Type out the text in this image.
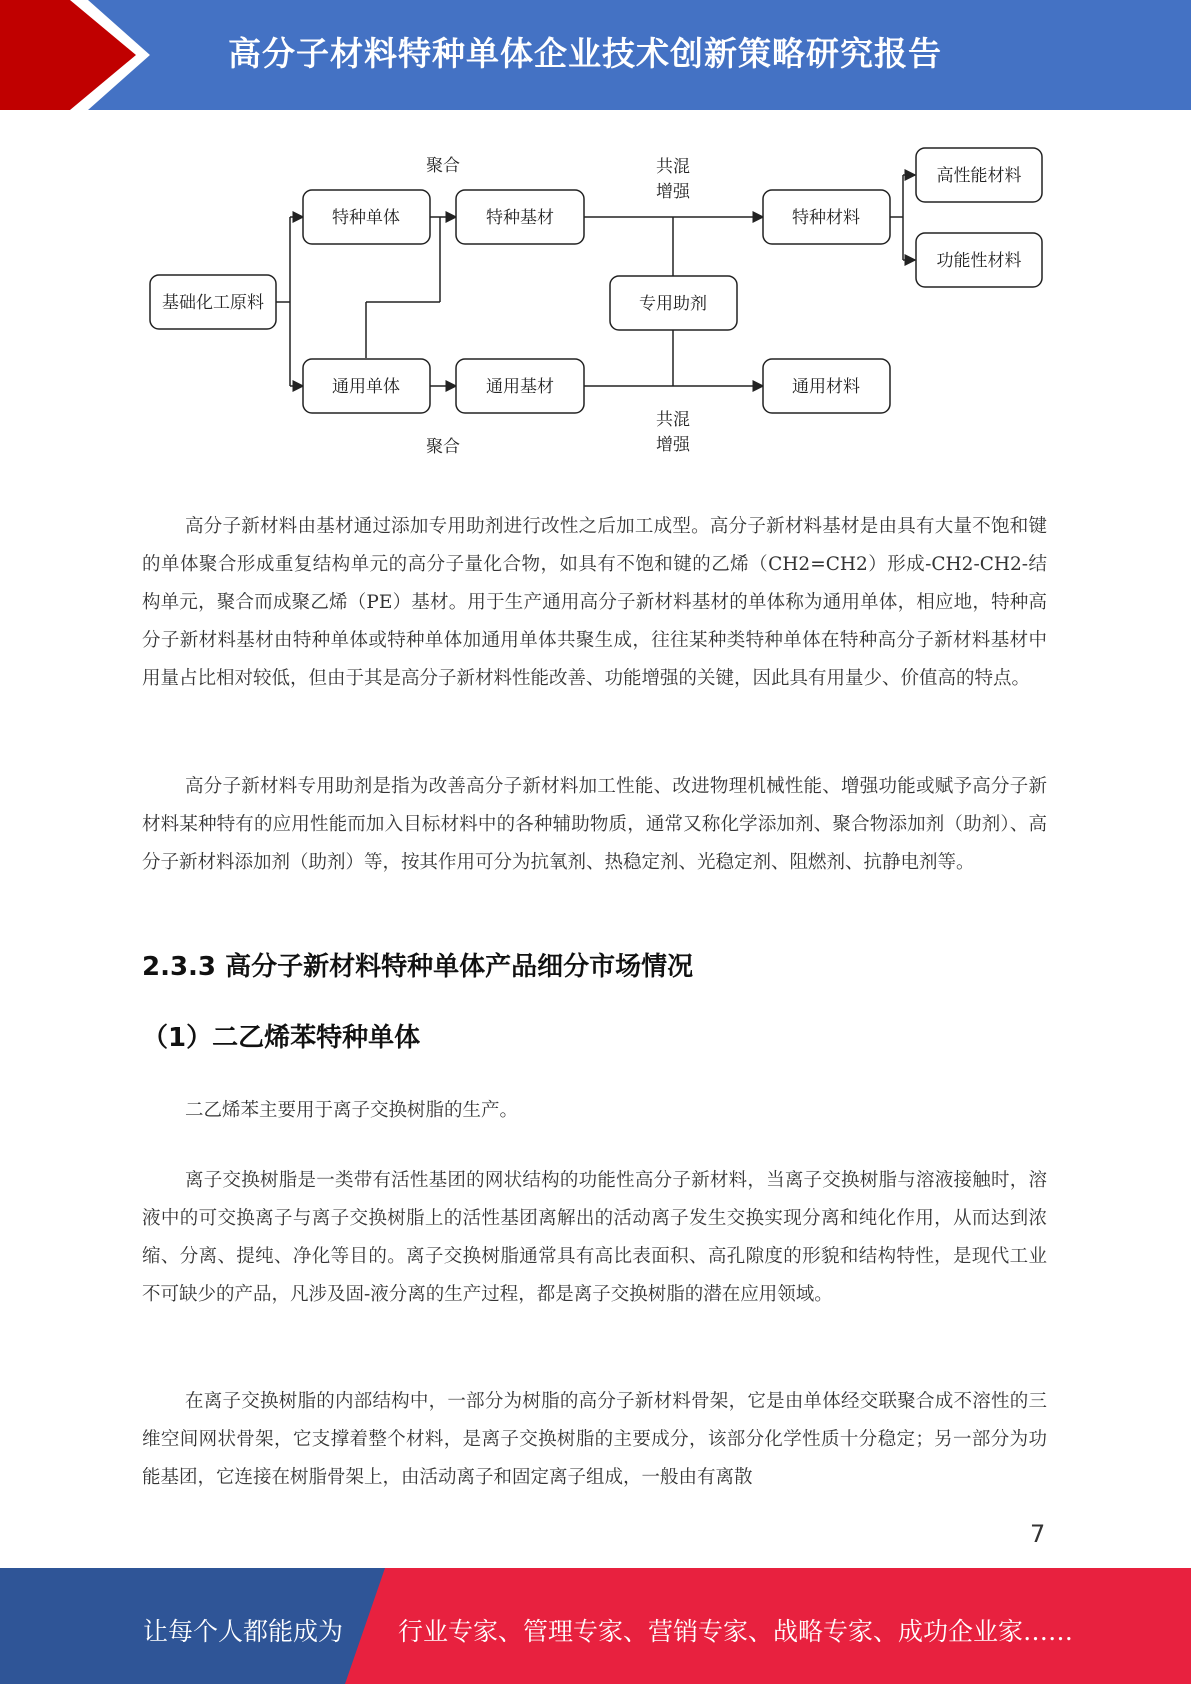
高分子材料特种单体企业技术创新策略研究报告
基础化工原料
特种单体	特种基材
通用单体	通用基材
专用助剂
特种材料
通用材料
高性能材料
功能性材料
聚合
聚合
共混
增强
共混
增强

高分子新材料由基材通过添加专用助剂进行改性之后加工成型。高分子新材料基材是由具有大量不饱和键的单体聚合形成重复结构单元的高分子量化合物，如具有不饱和键的乙烯（CH2=CH2）形成-CH2-CH2-结构单元，聚合而成聚乙烯（PE）基材。用于生产通用高分子新材料基材的单体称为通用单体，相应地，特种高分子新材料基材由特种单体或特种单体加通用单体共聚生成，往往某种类特种单体在特种高分子新材料基材中用量占比相对较低，但由于其是高分子新材料性能改善、功能增强的关键，因此具有用量少、价值高的特点。

高分子新材料专用助剂是指为改善高分子新材料加工性能、改进物理机械性能、增强功能或赋予高分子新材料某种特有的应用性能而加入目标材料中的各种辅助物质，通常又称化学添加剂、聚合物添加剂（助剂）、高分子新材料添加剂（助剂）等，按其作用可分为抗氧剂、热稳定剂、光稳定剂、阻燃剂、抗静电剂等。

2.3.3 高分子新材料特种单体产品细分市场情况
（1）二乙烯苯特种单体

二乙烯苯主要用于离子交换树脂的生产。

离子交换树脂是一类带有活性基团的网状结构的功能性高分子新材料，当离子交换树脂与溶液接触时，溶液中的可交换离子与离子交换树脂上的活性基团离解出的活动离子发生交换实现分离和纯化作用，从而达到浓缩、分离、提纯、净化等目的。离子交换树脂通常具有高比表面积、高孔隙度的形貌和结构特性，是现代工业不可缺少的产品，凡涉及固-液分离的生产过程，都是离子交换树脂的潜在应用领域。

在离子交换树脂的内部结构中，一部分为树脂的高分子新材料骨架，它是由单体经交联聚合成不溶性的三维空间网状骨架，它支撑着整个材料，是离子交换树脂的主要成分，该部分化学性质十分稳定；另一部分为功能基团，它连接在树脂骨架上，由活动离子和固定离子组成，一般由有离散

7
让每个人都能成为 行业专家、管理专家、营销专家、战略专家、成功企业家……
